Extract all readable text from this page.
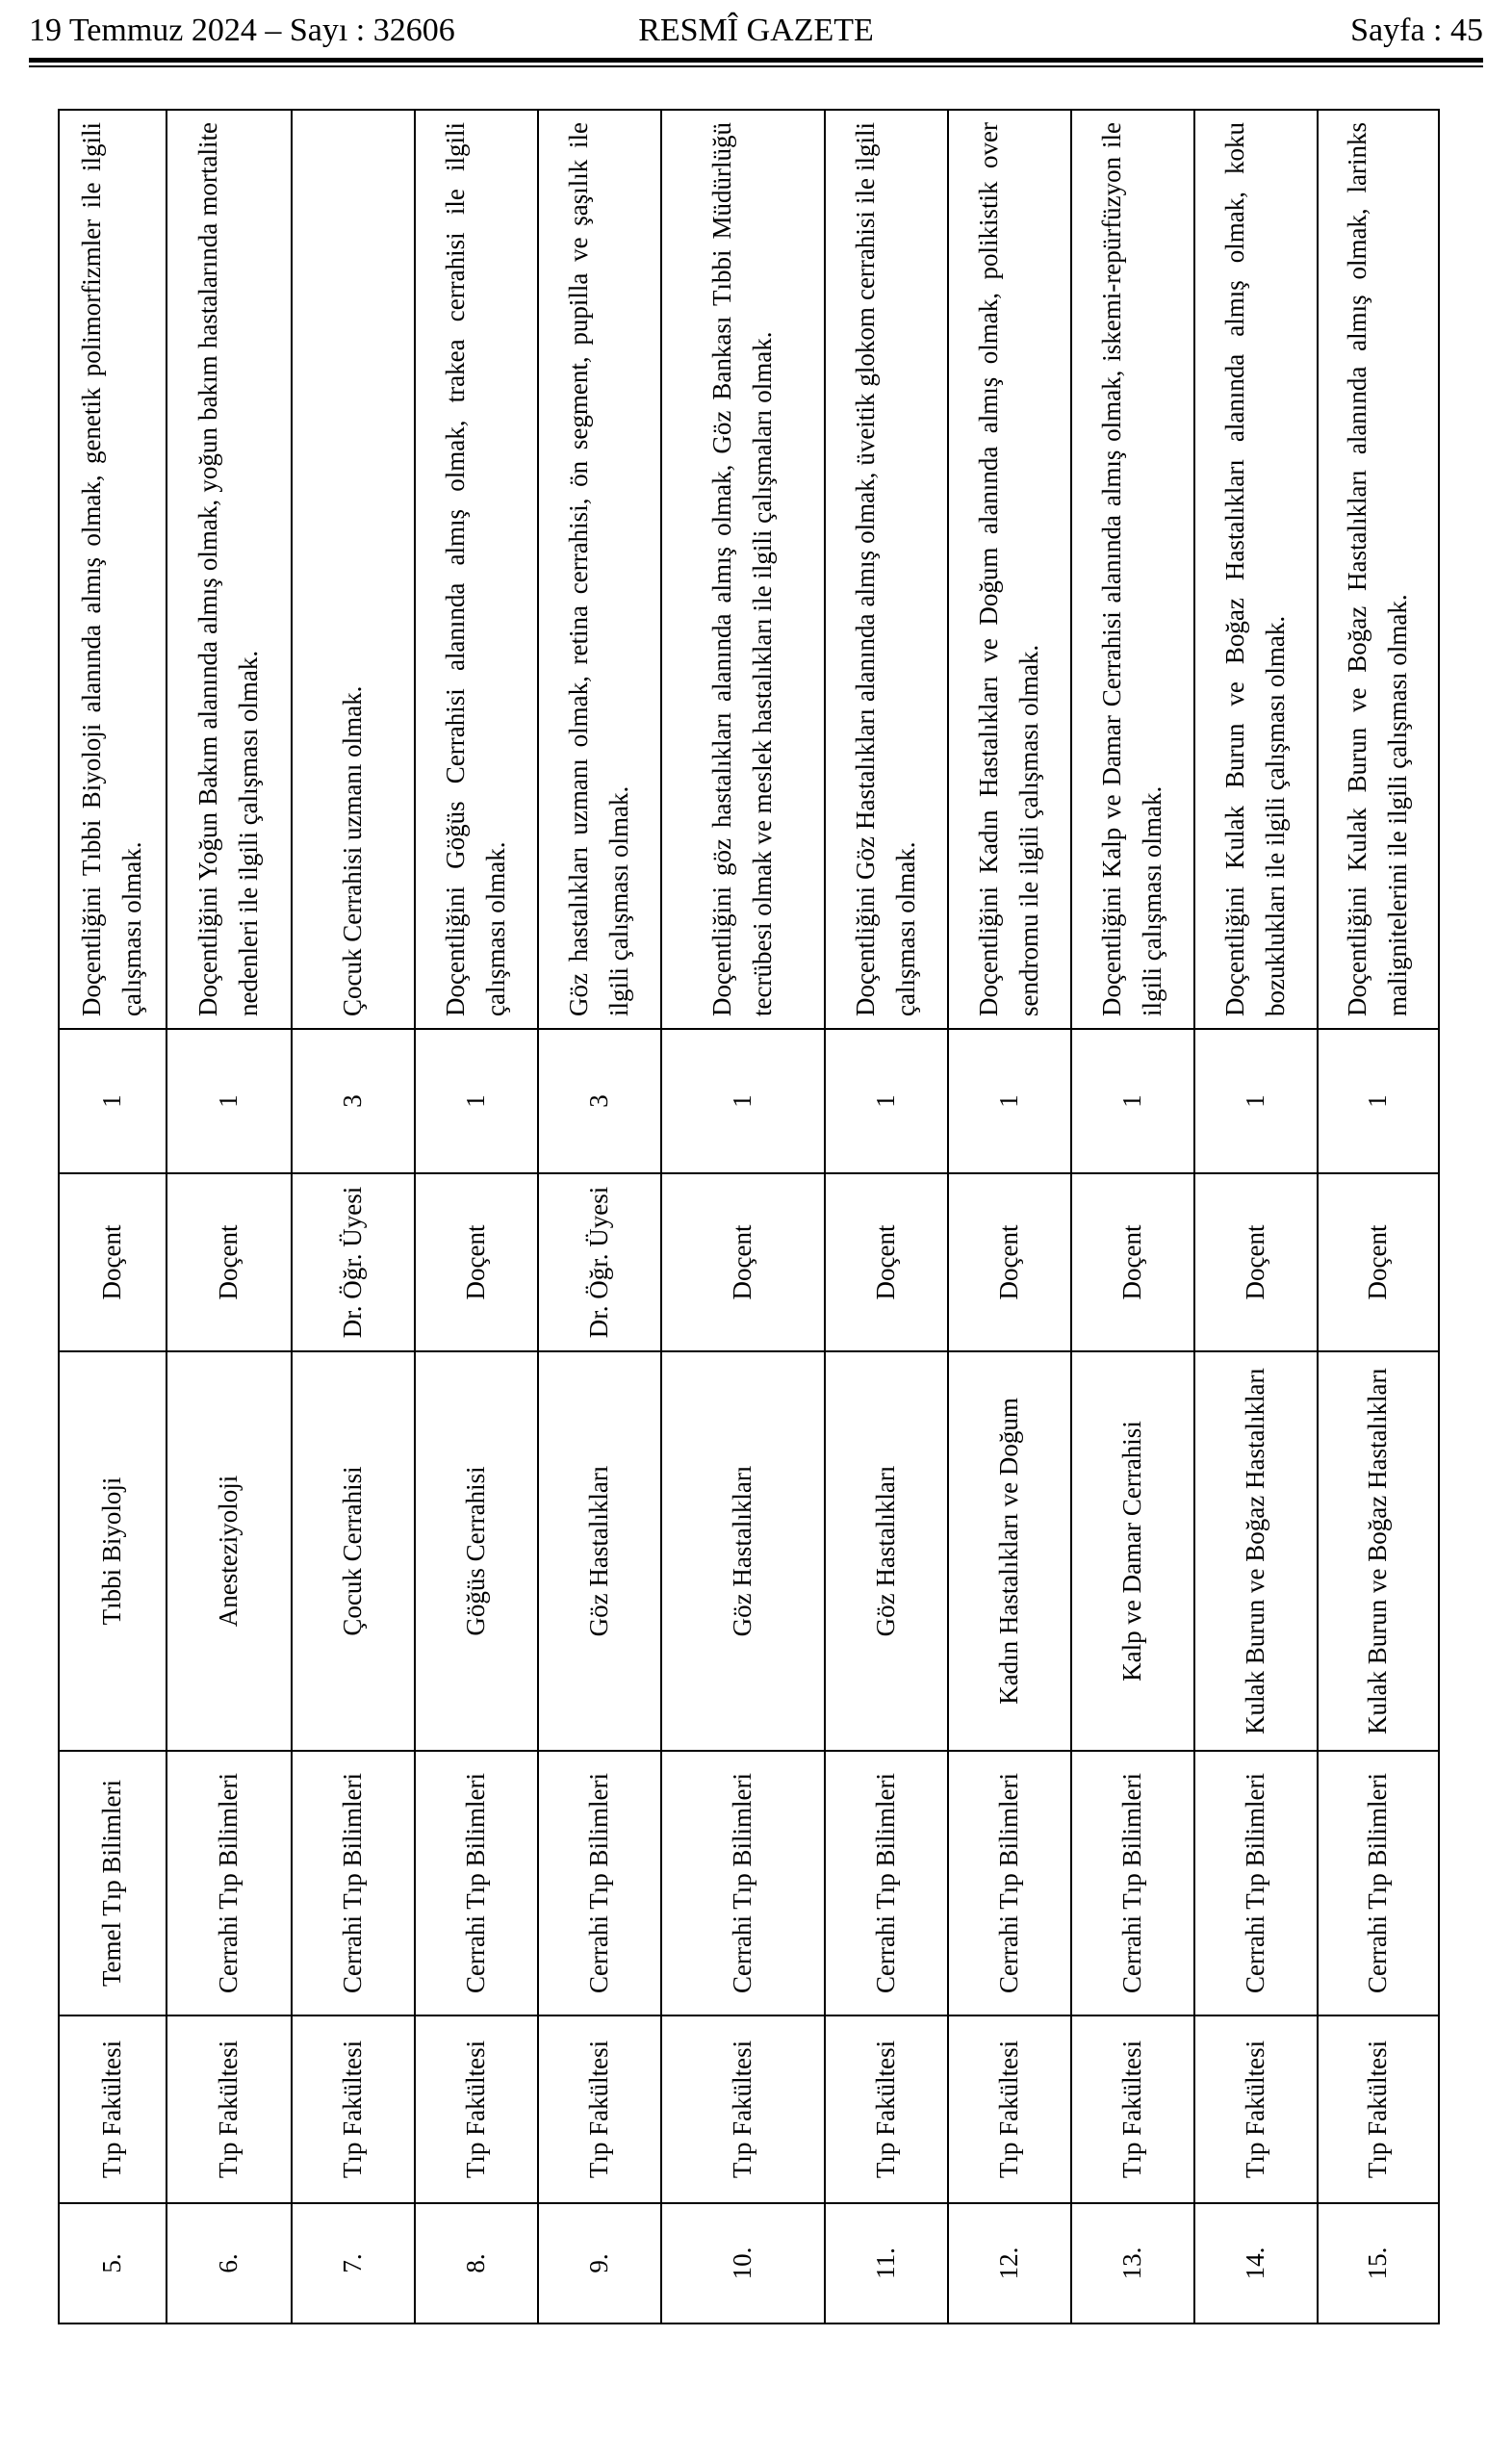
19 Temmuz 2024 – Sayı : 32606	RESMÎ GAZETE	Sayfa : 45
5.	Tıp Fakültesi	Temel Tıp Bilimleri	Tıbbi Biyoloji	Doçent	1	Doçentliğini Tıbbi Biyoloji alanında almış olmak, genetik polimorfizmler ile ilgili çalışması olmak.
6.	Tıp Fakültesi	Cerrahi Tıp Bilimleri	Anesteziyoloji	Doçent	1	Doçentliğini Yoğun Bakım alanında almış olmak, yoğun bakım hastalarında mortalite nedenleri ile ilgili çalışması olmak.
7.	Tıp Fakültesi	Cerrahi Tıp Bilimleri	Çocuk Cerrahisi	Dr. Öğr. Üyesi	3	Çocuk Cerrahisi uzmanı olmak.
8.	Tıp Fakültesi	Cerrahi Tıp Bilimleri	Göğüs Cerrahisi	Doçent	1	Doçentliğini Göğüs Cerrahisi alanında almış olmak, trakea cerrahisi ile ilgili çalışması olmak.
9.	Tıp Fakültesi	Cerrahi Tıp Bilimleri	Göz Hastalıkları	Dr. Öğr. Üyesi	3	Göz hastalıkları uzmanı olmak, retina cerrahisi, ön segment, pupilla ve şaşılık ile ilgili çalışması olmak.
10.	Tıp Fakültesi	Cerrahi Tıp Bilimleri	Göz Hastalıkları	Doçent	1	Doçentliğini göz hastalıkları alanında almış olmak, Göz Bankası Tıbbi Müdürlüğü tecrübesi olmak ve meslek hastalıkları ile ilgili çalışmaları olmak.
11.	Tıp Fakültesi	Cerrahi Tıp Bilimleri	Göz Hastalıkları	Doçent	1	Doçentliğini Göz Hastalıkları alanında almış olmak, üveitik glokom cerrahisi ile ilgili çalışması olmak.
12.	Tıp Fakültesi	Cerrahi Tıp Bilimleri	Kadın Hastalıkları ve Doğum	Doçent	1	Doçentliğini Kadın Hastalıkları ve Doğum alanında almış olmak, polikistik over sendromu ile ilgili çalışması olmak.
13.	Tıp Fakültesi	Cerrahi Tıp Bilimleri	Kalp ve Damar Cerrahisi	Doçent	1	Doçentliğini Kalp ve Damar Cerrahisi alanında almış olmak, iskemi-repürfüzyon ile ilgili çalışması olmak.
14.	Tıp Fakültesi	Cerrahi Tıp Bilimleri	Kulak Burun ve Boğaz Hastalıkları	Doçent	1	Doçentliğini Kulak Burun ve Boğaz Hastalıkları alanında almış olmak, koku bozuklukları ile ilgili çalışması olmak.
15.	Tıp Fakültesi	Cerrahi Tıp Bilimleri	Kulak Burun ve Boğaz Hastalıkları	Doçent	1	Doçentliğini Kulak Burun ve Boğaz Hastalıkları alanında almış olmak, larinks malignitelerini ile ilgili çalışması olmak.
